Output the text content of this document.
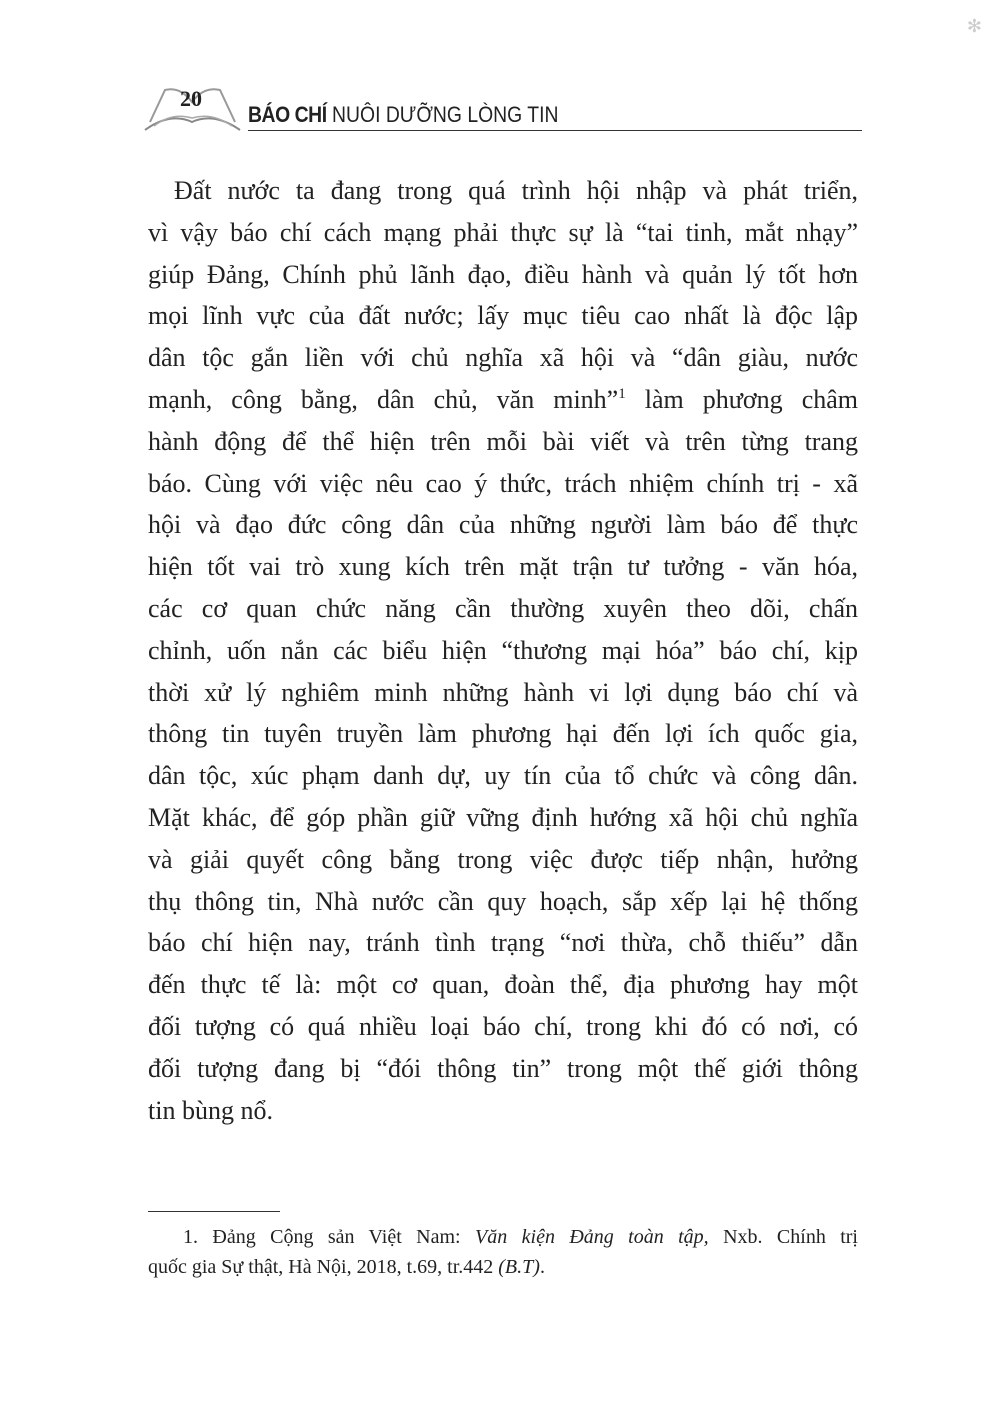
✻
20
BÁO CHÍ NUÔI DƯỠNG LÒNG TIN
Đất nước ta đang trong quá trình hội nhập và phát triển,
vì vậy báo chí cách mạng phải thực sự là “tai tinh, mắt nhạy”
giúp Đảng, Chính phủ lãnh đạo, điều hành và quản lý tốt hơn
mọi lĩnh vực của đất nước; lấy mục tiêu cao nhất là độc lập
dân tộc gắn liền với chủ nghĩa xã hội và “dân giàu, nước
mạnh, công bằng, dân chủ, văn minh”$^1$ làm phương châm
hành động để thể hiện trên mỗi bài viết và trên từng trang
báo. Cùng với việc nêu cao ý thức, trách nhiệm chính trị - xã
hội và đạo đức công dân của những người làm báo để thực
hiện tốt vai trò xung kích trên mặt trận tư tưởng - văn hóa,
các cơ quan chức năng cần thường xuyên theo dõi, chấn
chỉnh, uốn nắn các biểu hiện “thương mại hóa” báo chí, kịp
thời xử lý nghiêm minh những hành vi lợi dụng báo chí và
thông tin tuyên truyền làm phương hại đến lợi ích quốc gia,
dân tộc, xúc phạm danh dự, uy tín của tổ chức và công dân.
Mặt khác, để góp phần giữ vững định hướng xã hội chủ nghĩa
và giải quyết công bằng trong việc được tiếp nhận, hưởng
thụ thông tin, Nhà nước cần quy hoạch, sắp xếp lại hệ thống
báo chí hiện nay, tránh tình trạng “nơi thừa, chỗ thiếu” dẫn
đến thực tế là: một cơ quan, đoàn thể, địa phương hay một
đối tượng có quá nhiều loại báo chí, trong khi đó có nơi, có
đối tượng đang bị “đói thông tin” trong một thế giới thông
tin bùng nổ.
1. Đảng Cộng sản Việt Nam: Văn kiện Đảng toàn tập, Nxb. Chính trị
quốc gia Sự thật, Hà Nội, 2018, t.69, tr.442 (B.T).
